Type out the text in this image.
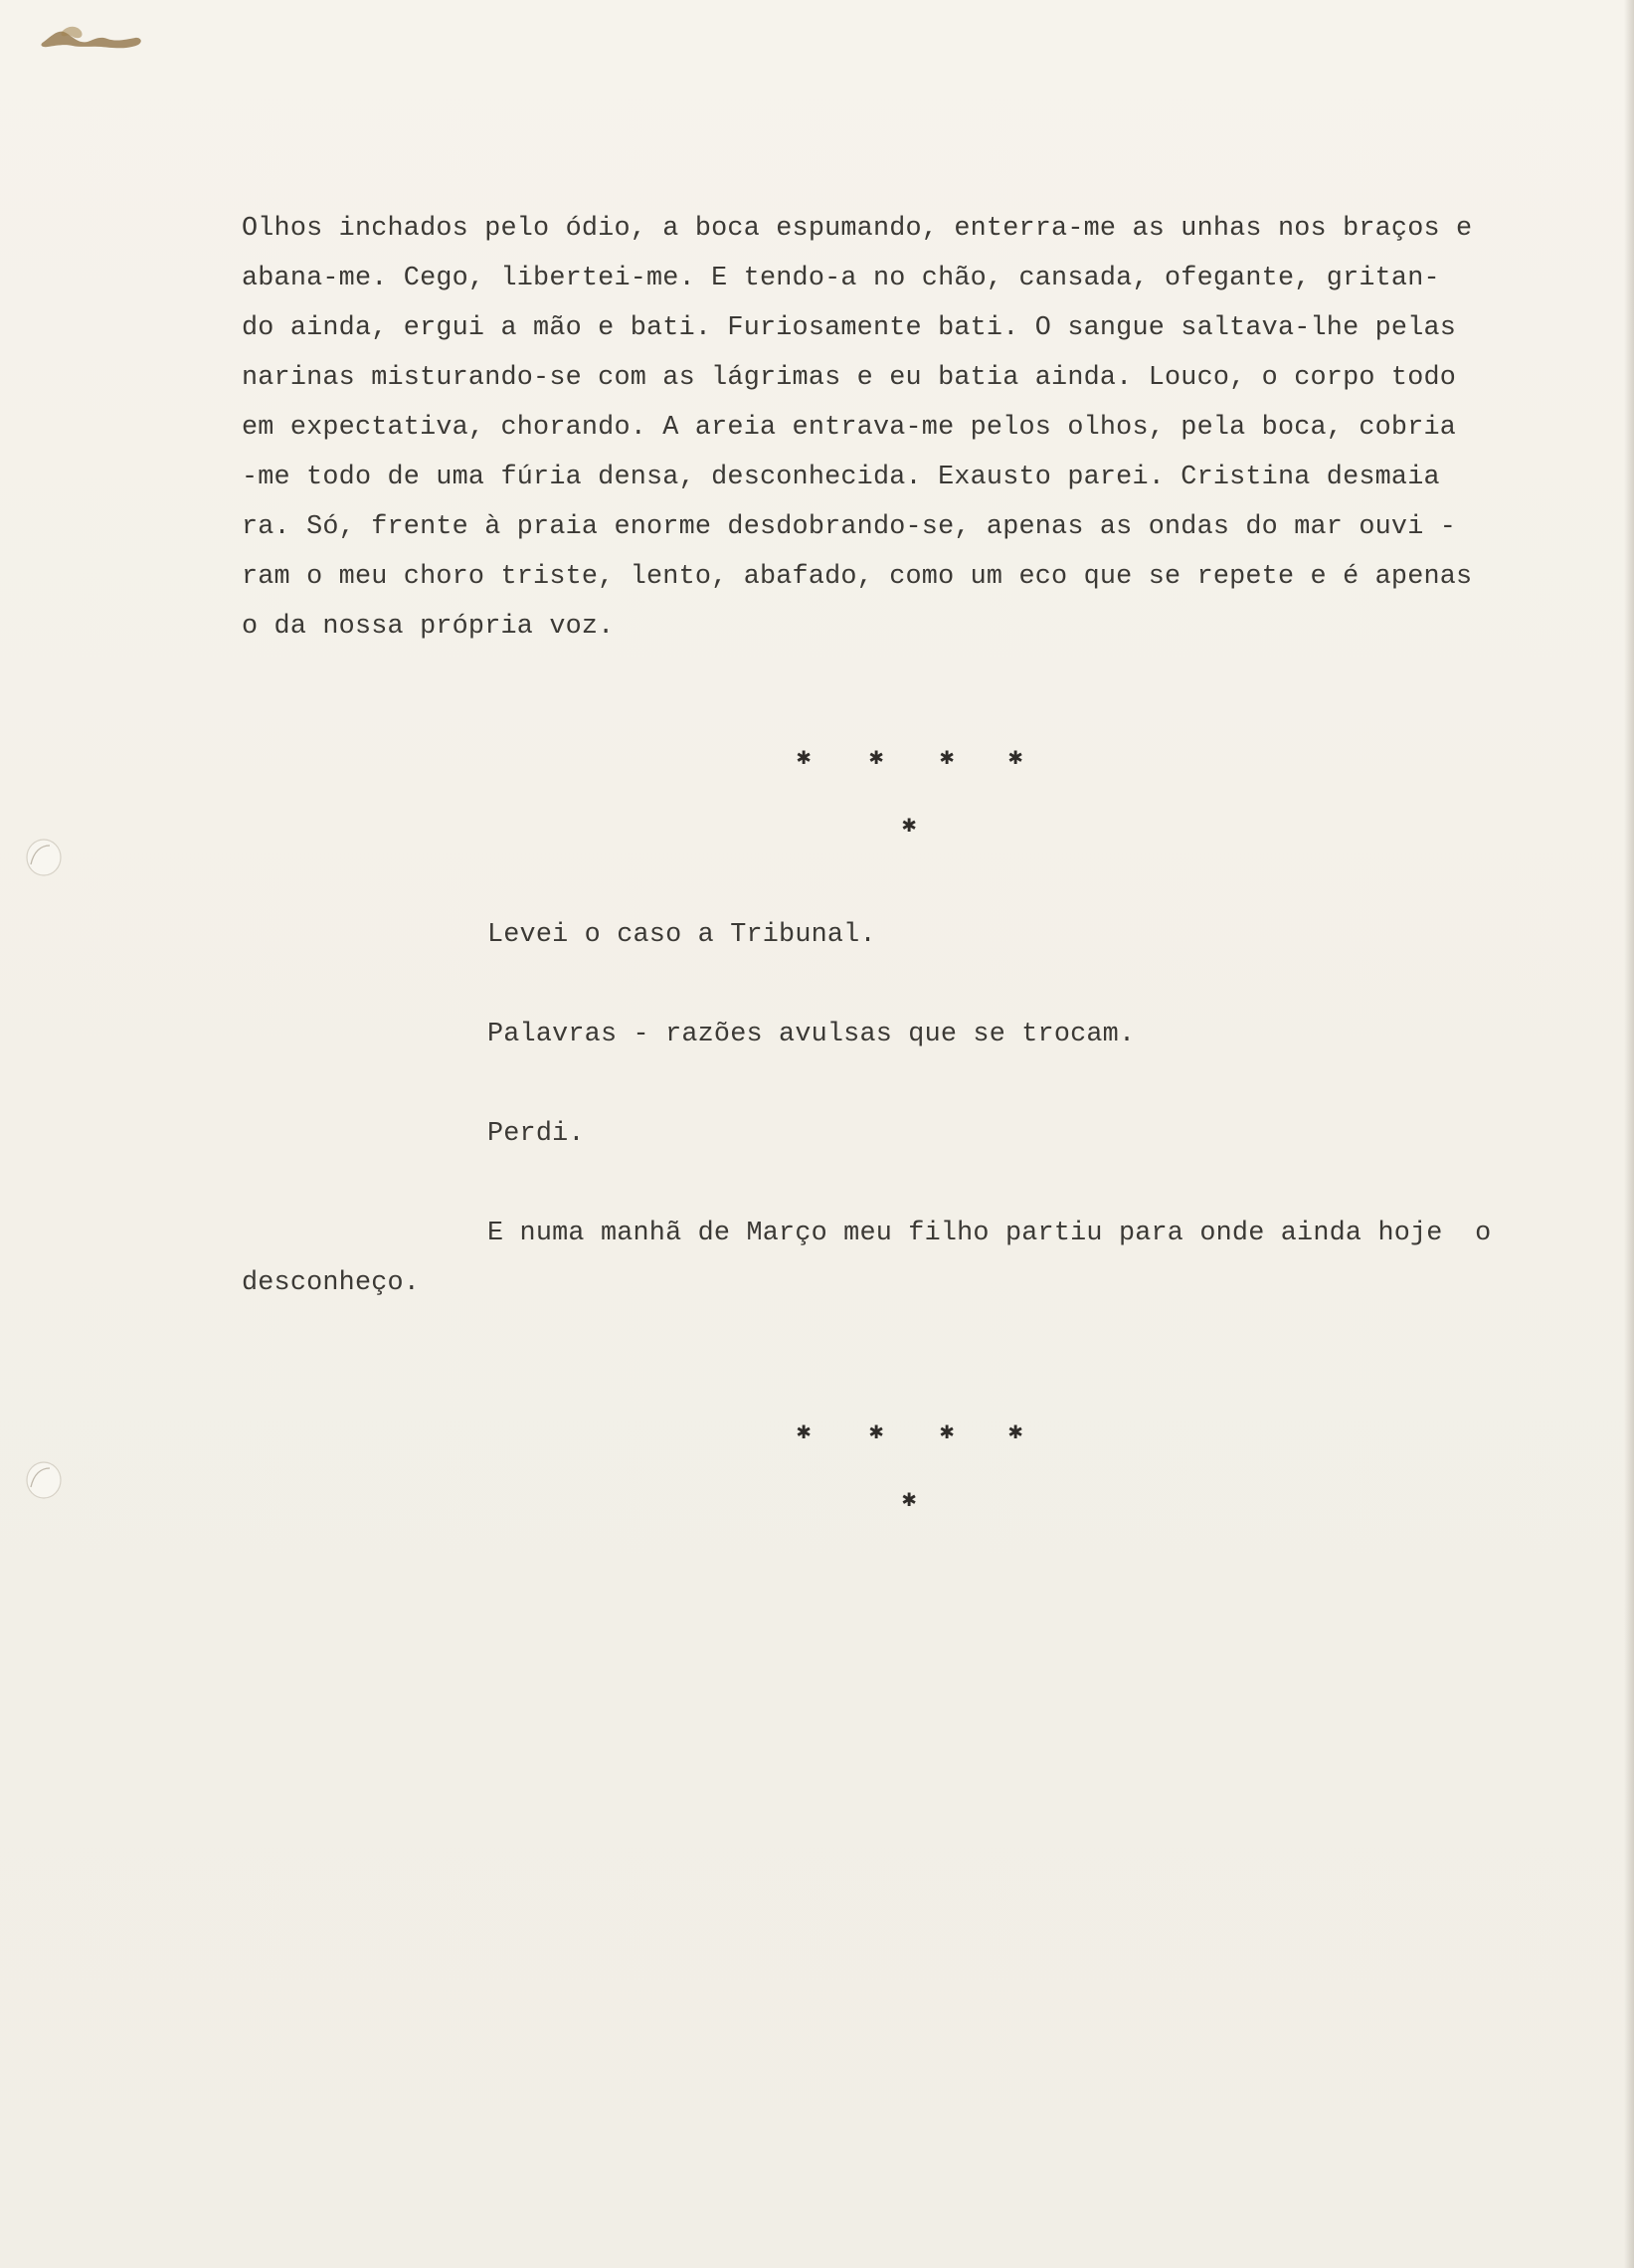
Olhos inchados pelo ódio, a boca espumando, enterra-me as unhas nos braços e
abana-me. Cego, libertei-me. E tendo-a no chão, cansada, ofegante, gritan-
do ainda, ergui a mão e bati. Furiosamente bati. O sangue saltava-lhe pelas
narinas misturando-se com as lágrimas e eu batia ainda. Louco, o corpo todo
em expectativa, chorando. A areia entrava-me pelos olhos, pela boca, cobria
-me todo de uma fúria densa, desconhecida. Exausto parei. Cristina desmaia
ra. Só, frente à praia enorme desdobrando-se, apenas as ondas do mar ouvi -
ram o meu choro triste, lento, abafado, como um eco que se repete e é apenas
o da nossa própria voz.
✱ ✱ ✱ ✱
✱
Levei o caso a Tribunal.
Palavras - razões avulsas que se trocam.
Perdi.
E numa manhã de Março meu filho partiu para onde ainda hoje  o
desconheço.
✱ ✱ ✱ ✱
✱
